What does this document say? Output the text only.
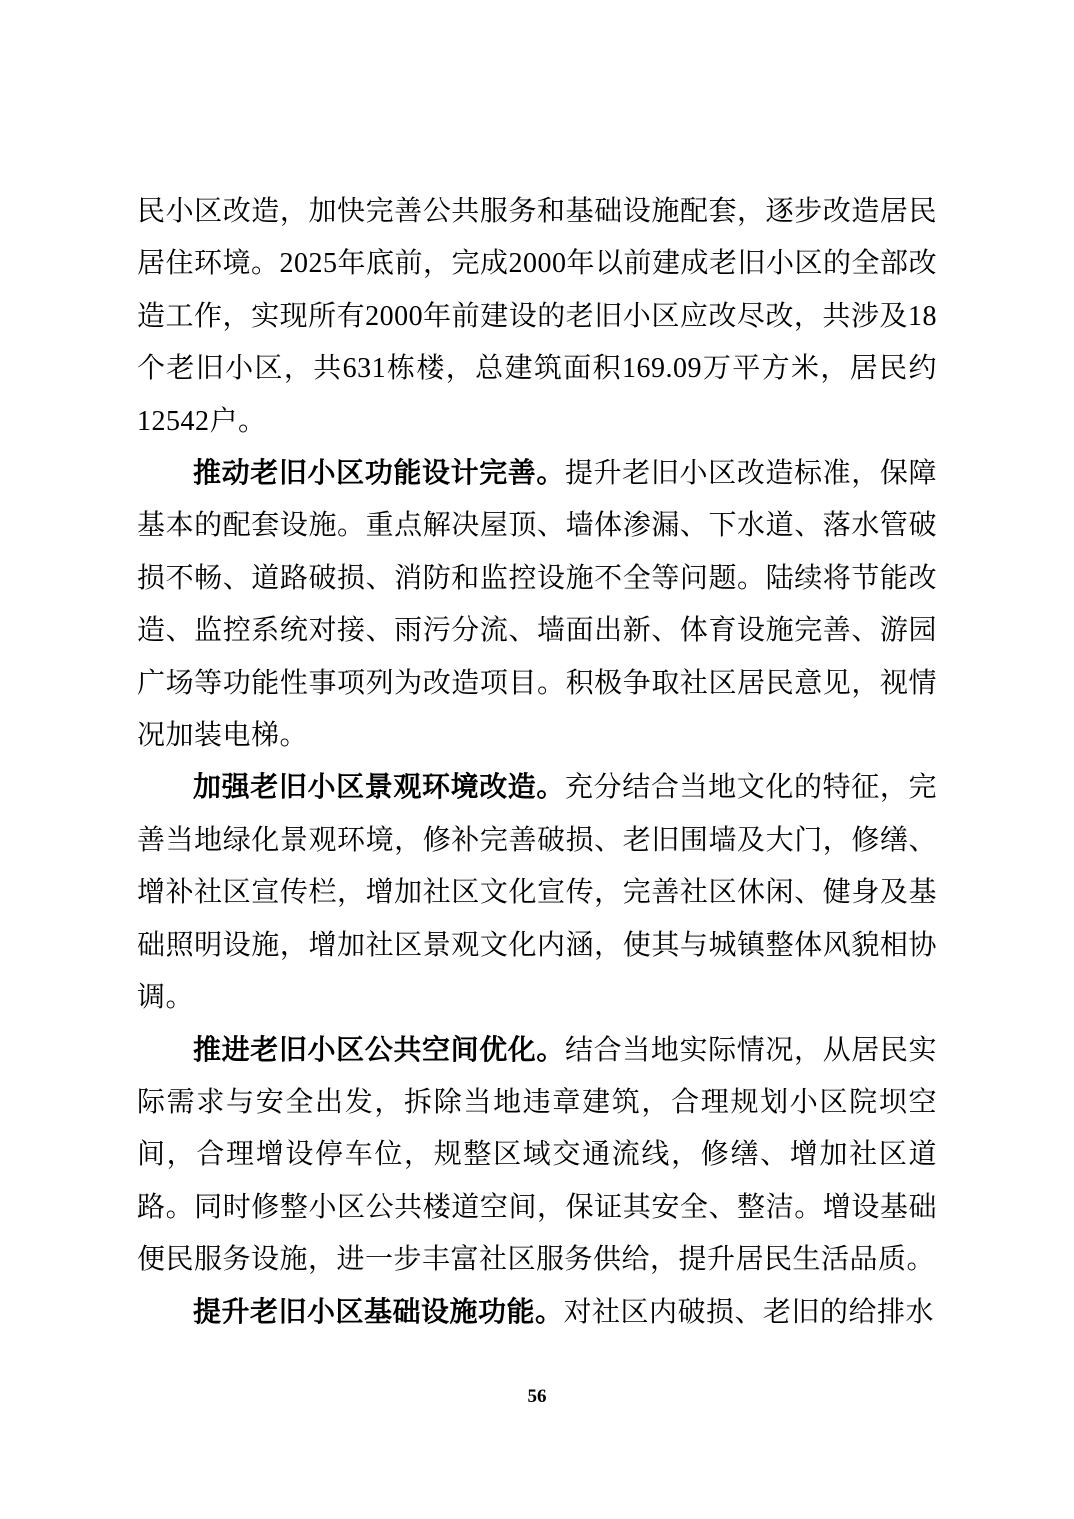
民小区改造，加快完善公共服务和基础设施配套，逐步改造居民居住环境。2025年底前，完成2000年以前建成老旧小区的全部改造工作，实现所有2000年前建设的老旧小区应改尽改，共涉及18个老旧小区，共631栋楼，总建筑面积169.09万平方米，居民约12542户。

推动老旧小区功能设计完善。提升老旧小区改造标准，保障基本的配套设施。重点解决屋顶、墙体渗漏、下水道、落水管破损不畅、道路破损、消防和监控设施不全等问题。陆续将节能改造、监控系统对接、雨污分流、墙面出新、体育设施完善、游园广场等功能性事项列为改造项目。积极争取社区居民意见，视情况加装电梯。

加强老旧小区景观环境改造。充分结合当地文化的特征，完善当地绿化景观环境，修补完善破损、老旧围墙及大门，修缮、增补社区宣传栏，增加社区文化宣传，完善社区休闲、健身及基础照明设施，增加社区景观文化内涵，使其与城镇整体风貌相协调。

推进老旧小区公共空间优化。结合当地实际情况，从居民实际需求与安全出发，拆除当地违章建筑，合理规划小区院坝空间，合理增设停车位，规整区域交通流线，修缮、增加社区道路。同时修整小区公共楼道空间，保证其安全、整洁。增设基础便民服务设施，进一步丰富社区服务供给，提升居民生活品质。

提升老旧小区基础设施功能。对社区内破损、老旧的给排水

56
